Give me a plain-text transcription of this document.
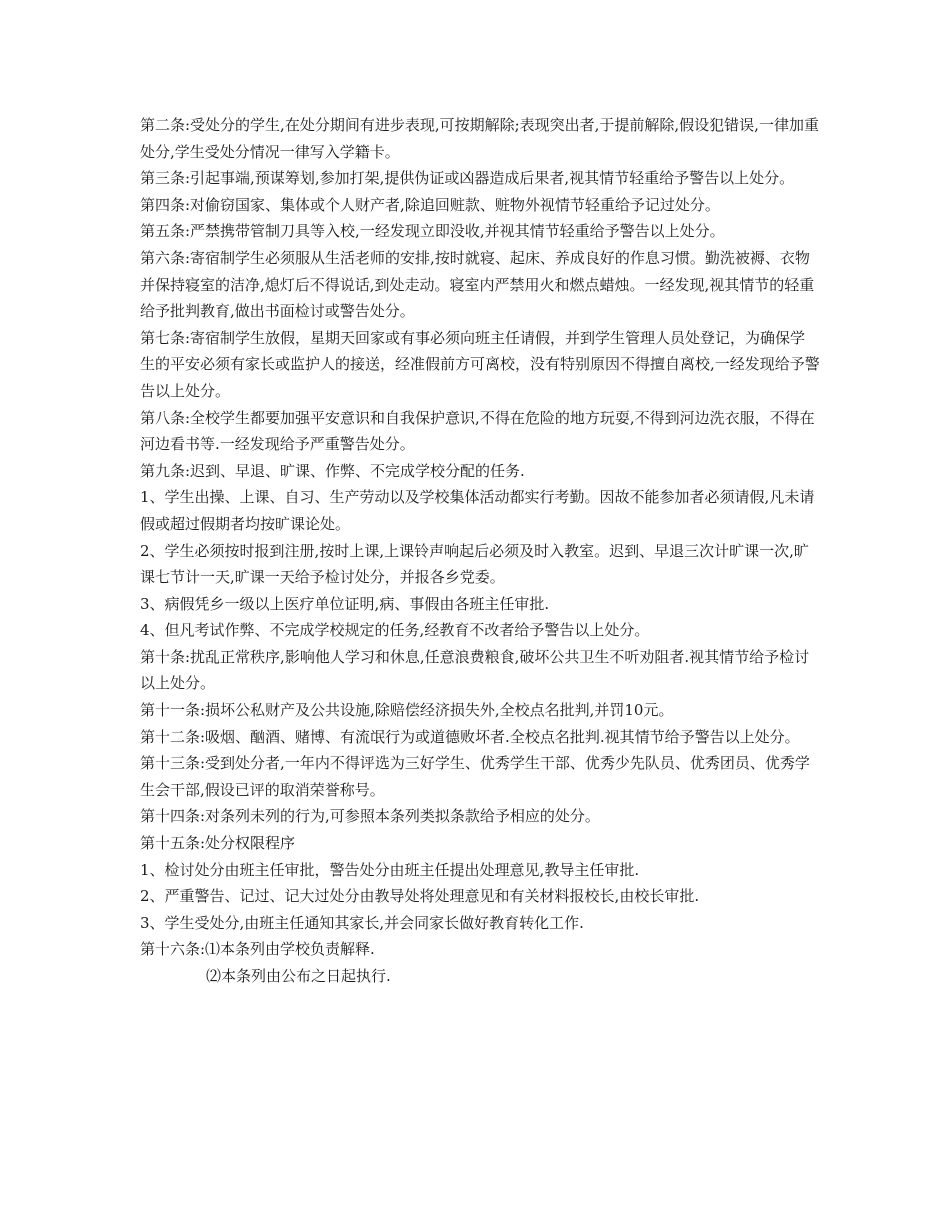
第二条:受处分的学生,在处分期间有进步表现,可按期解除;表现突出者,于提前解除,假设犯错误,一律加重处分,学生受处分情况一律写入学籍卡。

第三条:引起事端,预谋筹划,参加打架,提供伪证或凶器造成后果者,视其情节轻重给予警告以上处分。

第四条:对偷窃国家、集体或个人财产者,除追回赃款、赃物外视情节轻重给予记过处分。

第五条:严禁携带管制刀具等入校,一经发现立即没收,并视其情节轻重给予警告以上处分。

第六条:寄宿制学生必须服从生活老师的安排,按时就寝、起床、养成良好的作息习惯。勤洗被褥、衣物并保持寝室的洁净,熄灯后不得说话,到处走动。寝室内严禁用火和燃点蜡烛。一经发现,视其情节的轻重给予批判教育,做出书面检讨或警告处分。

第七条:寄宿制学生放假，星期天回家或有事必须向班主任请假，并到学生管理人员处登记，为确保学生的平安必须有家长或监护人的接送，经准假前方可离校，没有特别原因不得擅自离校,一经发现给予警告以上处分。

第八条:全校学生都要加强平安意识和自我保护意识,不得在危险的地方玩耍,不得到河边洗衣服，不得在河边看书等.一经发现给予严重警告处分。

第九条:迟到、早退、旷课、作弊、不完成学校分配的任务.

1、学生出操、上课、自习、生产劳动以及学校集体活动都实行考勤。因故不能参加者必须请假,凡未请假或超过假期者均按旷课论处。

2、学生必须按时报到注册,按时上课,上课铃声响起后必须及时入教室。迟到、早退三次计旷课一次,旷课七节计一天,旷课一天给予检讨处分，并报各乡党委。

3、病假凭乡一级以上医疗单位证明,病、事假由各班主任审批.

4、但凡考试作弊、不完成学校规定的任务,经教育不改者给予警告以上处分。

第十条:扰乱正常秩序,影响他人学习和休息,任意浪费粮食,破坏公共卫生不听劝阻者.视其情节给予检讨以上处分。

第十一条:损坏公私财产及公共设施,除赔偿经济损失外,全校点名批判,并罚10元。

第十二条:吸烟、酗酒、赌博、有流氓行为或道德败坏者.全校点名批判.视其情节给予警告以上处分。

第十三条:受到处分者,一年内不得评选为三好学生、优秀学生干部、优秀少先队员、优秀团员、优秀学生会干部,假设已评的取消荣誉称号。

第十四条:对条列未列的行为,可参照本条列类拟条款给予相应的处分。

第十五条:处分权限程序

1、检讨处分由班主任审批，警告处分由班主任提出处理意见,教导主任审批.

2、严重警告、记过、记大过处分由教导处将处理意见和有关材料报校长,由校长审批.

3、学生受处分,由班主任通知其家长,并会同家长做好教育转化工作.

第十六条:⑴本条列由学校负责解释.

⑵本条列由公布之日起执行.
